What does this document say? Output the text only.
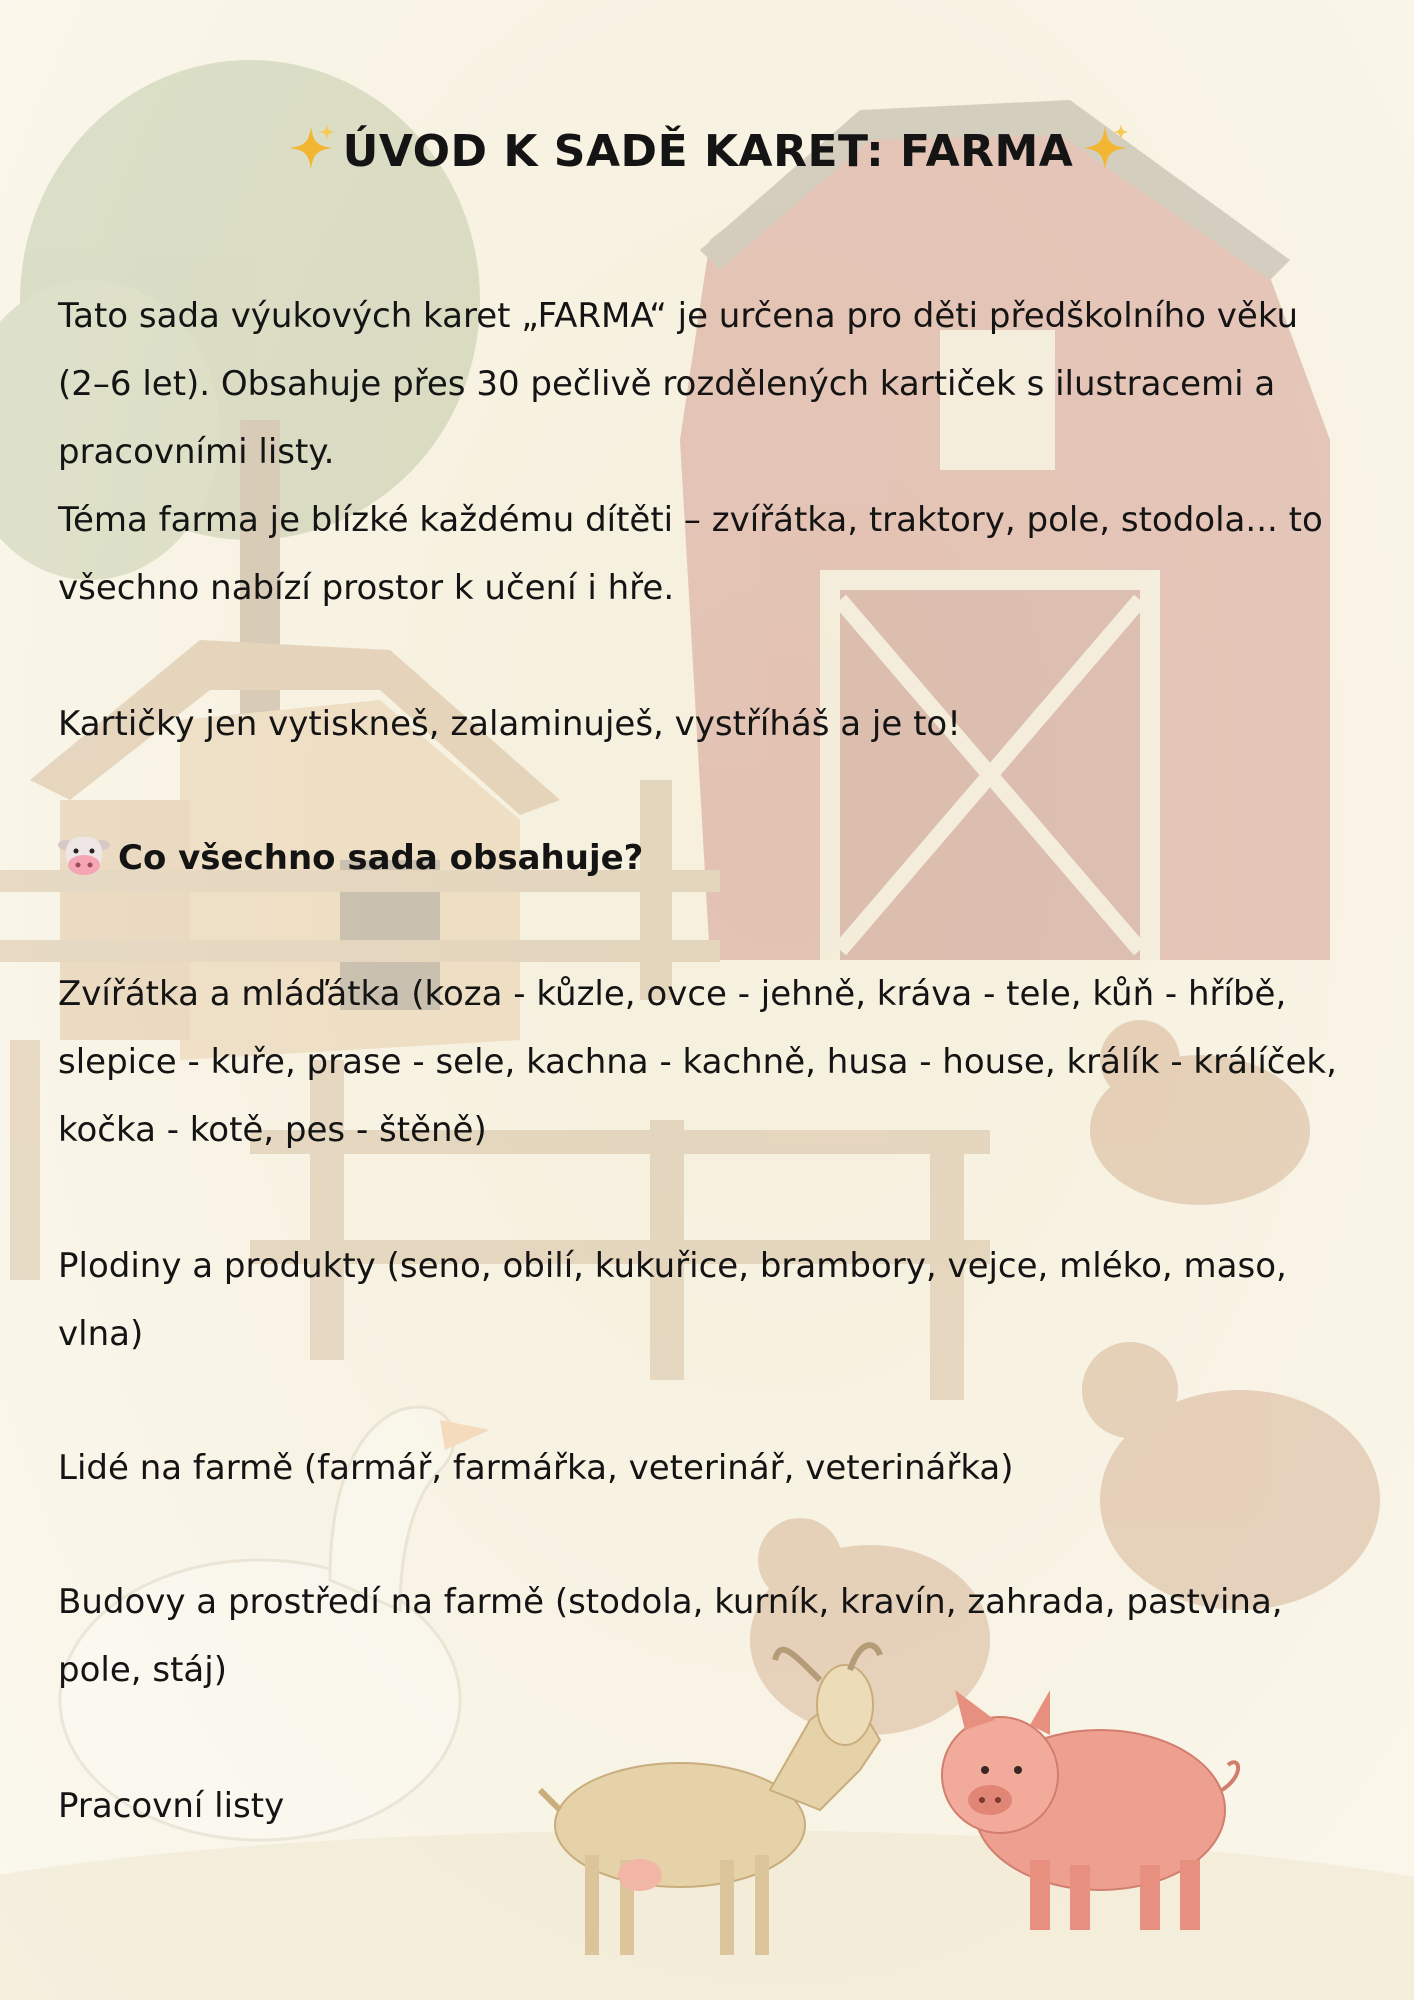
ÚVOD K SADĚ KARET: FARMA
Tato sada výukových karet „FARMA“ je určena pro děti předškolního věku (2–6 let). Obsahuje přes 30 pečlivě rozdělených kartiček s ilustracemi a pracovními listy.
Téma farma je blízké každému dítěti – zvířátka, traktory, pole, stodola... to všechno nabízí prostor k učení i hře.
Kartičky jen vytiskneš, zalaminuješ, vystříháš a je to!
Co všechno sada obsahuje?
Zvířátka a mláďátka (koza - kůzle, ovce - jehně, kráva - tele, kůň - hříbě, slepice - kuře, prase - sele, kachna - kachně, husa - house, králík - králíček, kočka - kotě, pes - štěně)
Plodiny a produkty (seno, obilí, kukuřice, brambory, vejce, mléko, maso, vlna)
Lidé na farmě (farmář, farmářka, veterinář, veterinářka)
Budovy a prostředí na farmě (stodola, kurník, kravín, zahrada, pastvina, pole, stáj)
Pracovní listy
